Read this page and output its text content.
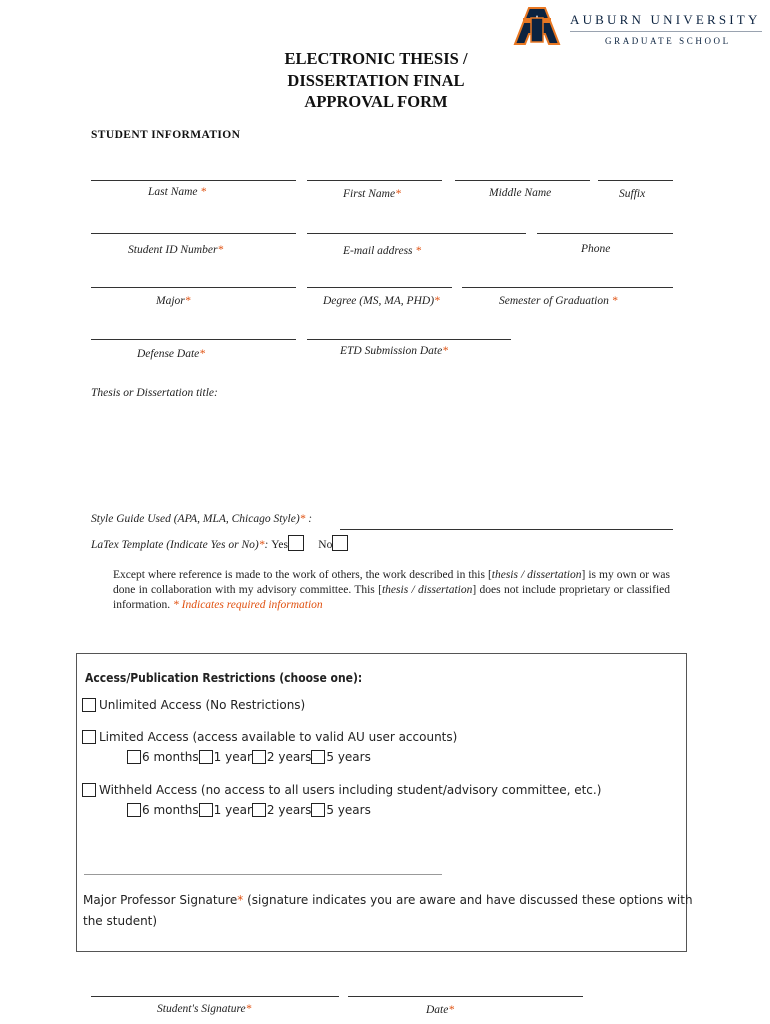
AUBURN UNIVERSITY
GRADUATE SCHOOL
ELECTRONIC THESIS /
DISSERTATION FINAL
APPROVAL FORM
STUDENT INFORMATION
Last Name *	First Name*	Middle Name	Suffix
Student ID Number*	E-mail address *	Phone
Major*	Degree (MS, MA, PHD)*	Semester of Graduation *
Defense Date*	ETD Submission Date*
Thesis or Dissertation title:
Style Guide Used (APA, MLA, Chicago Style)* :
LaTex Template (Indicate Yes or No)*: Yes	No
Except where reference is made to the work of others, the work described in this [thesis / dissertation] is my own or was done in collaboration with my advisory committee. This [thesis / dissertation] does not include proprietary or classified information. * Indicates required information
Access/Publication Restrictions (choose one):
Unlimited Access (No Restrictions)
Limited Access (access available to valid AU user accounts)
6 months 1 year 2 years 5 years
Withheld Access (no access to all users including student/advisory committee, etc.)
6 months 1 year 2 years 5 years
Major Professor Signature* (signature indicates you are aware and have discussed these options with
the student)
Student's Signature*	Date*
